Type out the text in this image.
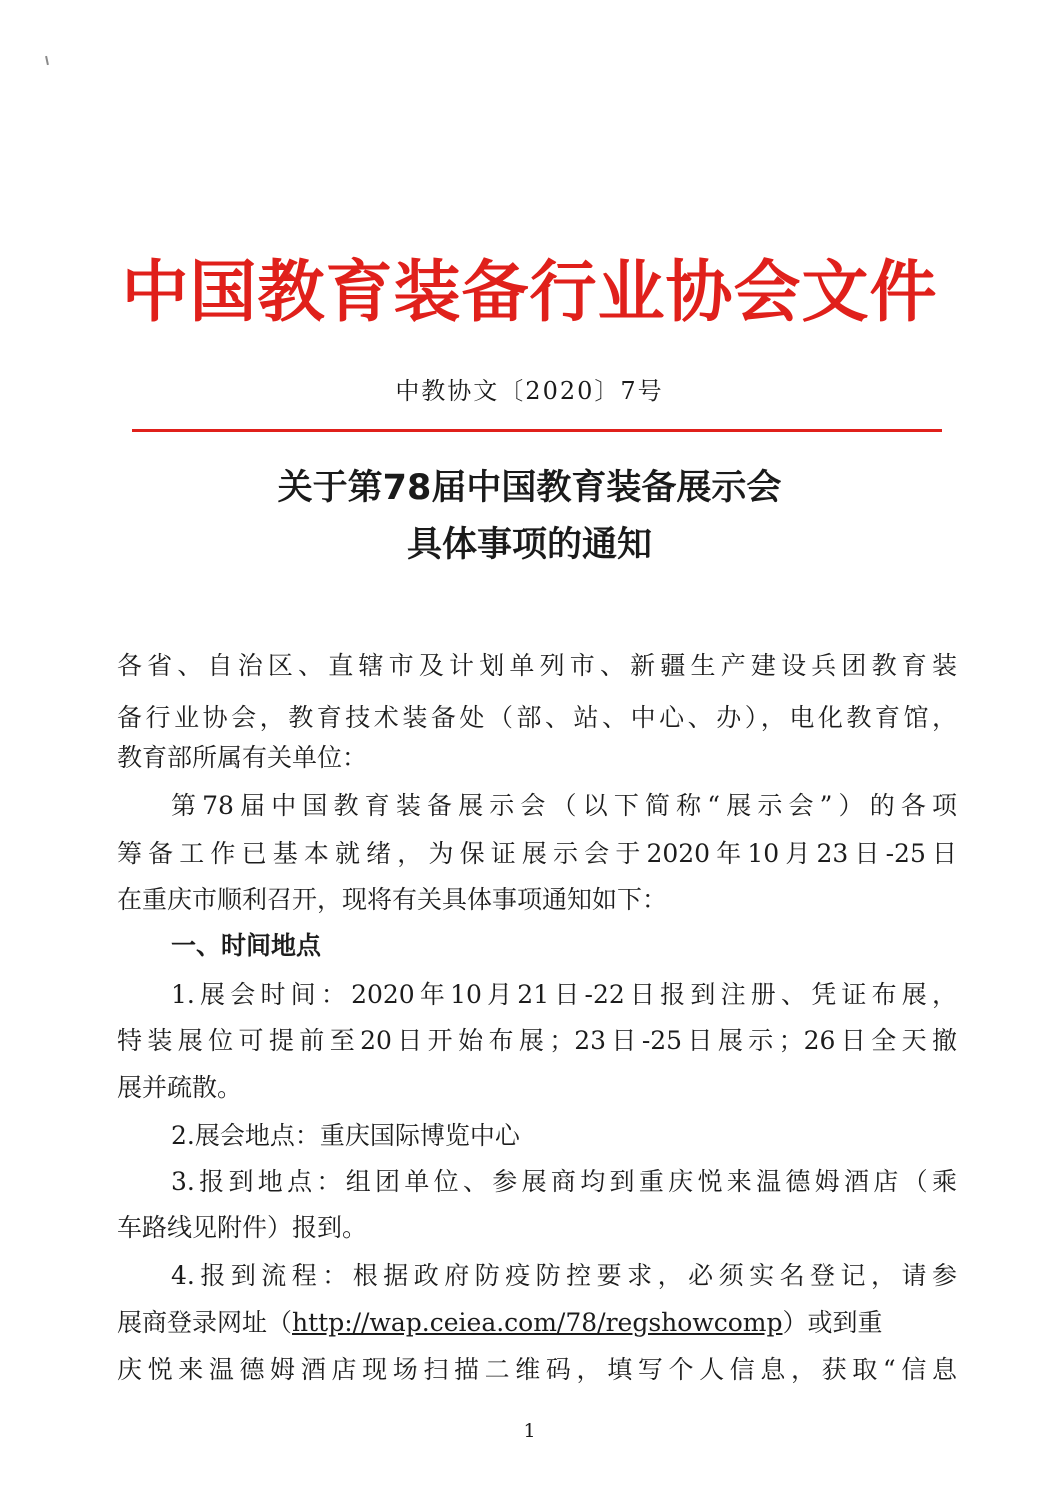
中国教育装备行业协会文件
中教协文〔2020〕7号
关于第78届中国教育装备展示会
具体事项的通知
各省、自治区、直辖市及计划单列市、新疆生产建设兵团教育装
备行业协会，教育技术装备处（部、站、中心、办），电化教育馆，
教育部所属有关单位：
第78届中国教育装备展示会（以下简称“展示会”）的各项
筹备工作已基本就绪，为保证展示会于2020年10月23日-25日
在重庆市顺利召开，现将有关具体事项通知如下：
一、时间地点
1.展会时间：2020年10月21日-22日报到注册、凭证布展，
特装展位可提前至20日开始布展；23日-25日展示；26日全天撤
展并疏散。
2.展会地点：重庆国际博览中心
3.报到地点：组团单位、参展商均到重庆悦来温德姆酒店（乘
车路线见附件）报到。
4.报到流程：根据政府防疫防控要求，必须实名登记，请参
展商登录网址（http://wap.ceiea.com/78/regshowcomp）或到重
庆悦来温德姆酒店现场扫描二维码，填写个人信息，获取“信息
1
